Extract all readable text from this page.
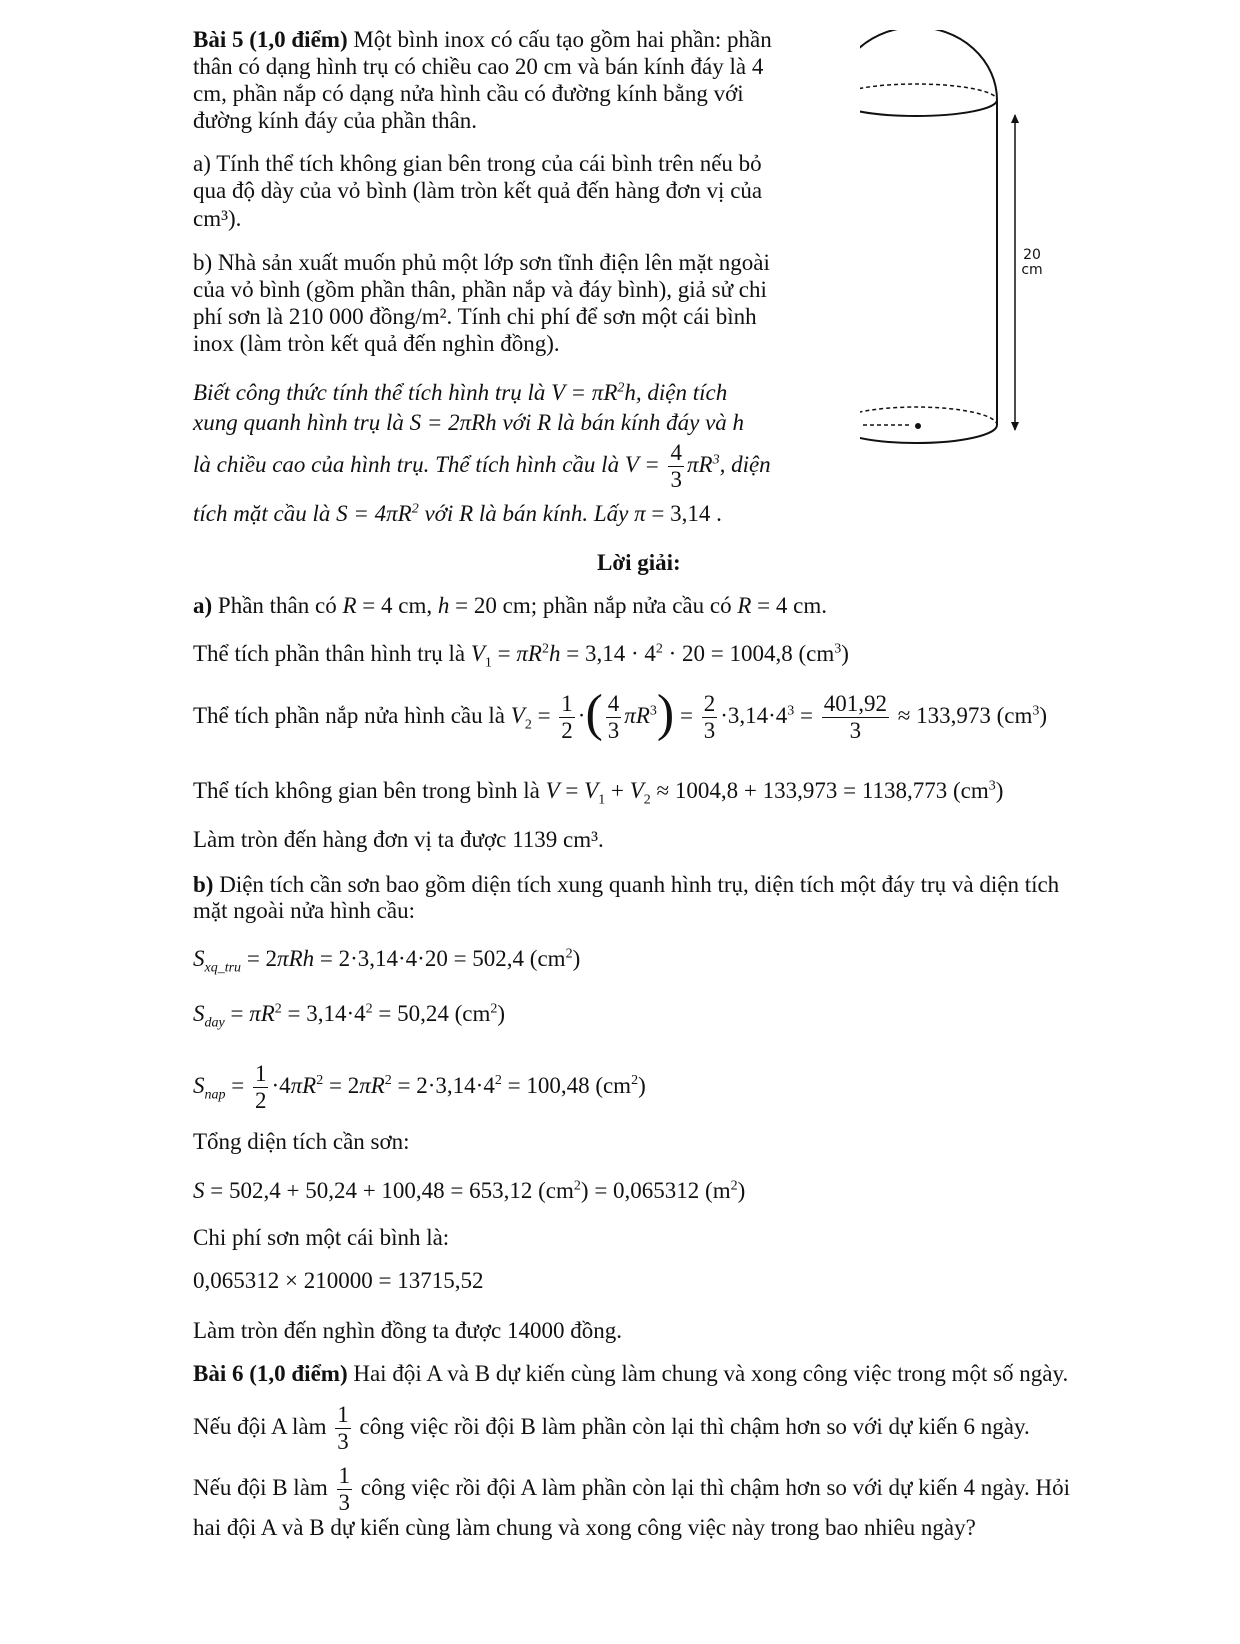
Bài 5 (1,0 điểm) Một bình inox có cấu tạo gồm hai phần: phần
thân có dạng hình trụ có chiều cao 20 cm và bán kính đáy là 4
cm, phần nắp có dạng nửa hình cầu có đường kính bằng với
đường kính đáy của phần thân.
a) Tính thể tích không gian bên trong của cái bình trên nếu bỏ
qua độ dày của vỏ bình (làm tròn kết quả đến hàng đơn vị của
cm³).
b) Nhà sản xuất muốn phủ một lớp sơn tĩnh điện lên mặt ngoài
của vỏ bình (gồm phần thân, phần nắp và đáy bình), giả sử chi
phí sơn là 210 000 đồng/m². Tính chi phí để sơn một cái bình
inox (làm tròn kết quả đến nghìn đồng).
Biết công thức tính thể tích hình trụ là $V = \pi R^2h$, diện tích
xung quanh hình trụ là S = 2πRh với R là bán kính đáy và h
là chiều cao của hình trụ. Thể tích hình cầu là $V = \frac{4}{3} \pi R^3$, diện
tích mặt cầu là $S = 4\pi R^2$ với R là bán kính. Lấy π = 3,14 .
20
cm
Lời giải:
a) Phần thân có R = 4 cm, h = 20 cm; phần nắp nửa cầu có R = 4 cm.
Thể tích phần thân hình trụ là $V_1 = \pi R^2h = 3,14 \cdot 4^2 \cdot 20 = 1004,8$ $(cm^3)$
Thể tích phần nắp nửa hình cầu là $V_2 = \frac{1}{2}$ ·( $\frac{4}{3} \pi R^3) = \frac{2}{3} \cdot 3,14\cdot 4^3 = \frac{401,92}{3} \approx 133,973$ $(cm^3)$
Thể tích không gian bên trong bình là $V = V_1 + V_2 \approx 1004,8 + 133,973 = 1138,773$ $(cm^3)$
Làm tròn đến hàng đơn vị ta được 1139 cm³.
b) Diện tích cần sơn bao gồm diện tích xung quanh hình trụ, diện tích một đáy trụ và diện tích
mặt ngoài nửa hình cầu:
$S_{xq\_tru} = 2\pi Rh = 2\cdot 3,14\cdot 4\cdot 20 = 502,4$ $(cm^2)$
$S_{day} = \pi R^2 = 3,14\cdot 4^2 = 50,24$ $(cm^2)$
$S_{nap} = \frac{1}{2} \cdot 4\pi R^2 = 2\pi R^2 = 2\cdot 3,14\cdot 4^2 = 100,48$ $(cm^2)$
Tổng diện tích cần sơn:
S = 502,4 + 50,24 + 100,48 = 653,12 $(cm^2) = 0,065312$ $(m^2)$
Chi phí sơn một cái bình là:
0,065312 × 210000 = 13715,52
Làm tròn đến nghìn đồng ta được 14000 đồng.
Bài 6 (1,0 điểm) Hai đội A và B dự kiến cùng làm chung và xong công việc trong một số ngày.
Nếu đội A làm $\frac{1}{3}$ công việc rồi đội B làm phần còn lại thì chậm hơn so với dự kiến 6 ngày.
Nếu đội B làm $\frac{1}{3}$ công việc rồi đội A làm phần còn lại thì chậm hơn so với dự kiến 4 ngày. Hỏi
hai đội A và B dự kiến cùng làm chung và xong công việc này trong bao nhiêu ngày?
